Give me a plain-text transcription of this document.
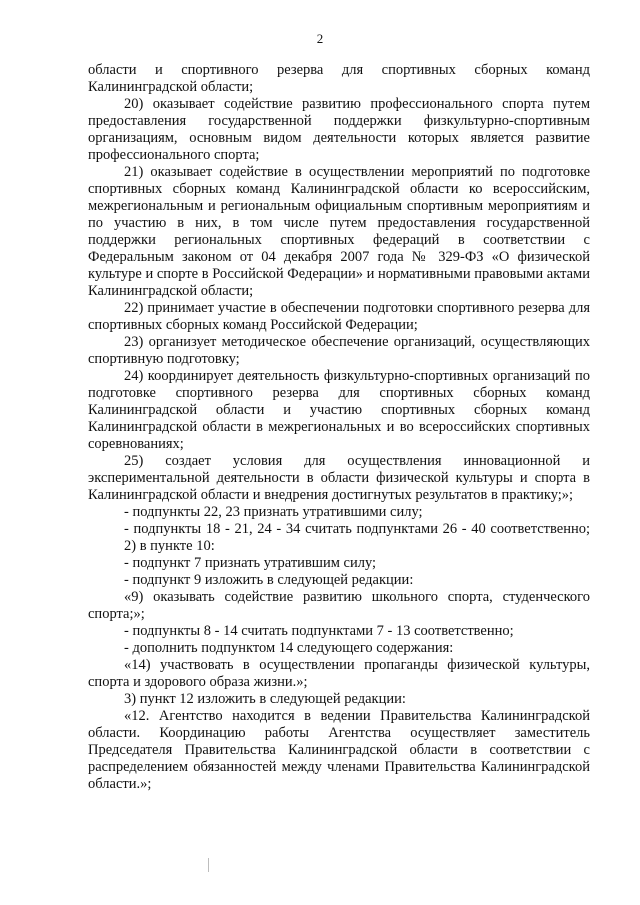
2

области и спортивного резерва для спортивных сборных команд Калининградской области;

20) оказывает содействие развитию профессионального спорта путем предоставления государственной поддержки физкультурно-спортивным организациям, основным видом деятельности которых является развитие профессионального спорта;

21) оказывает содействие в осуществлении мероприятий по подготовке спортивных сборных команд Калининградской области ко всероссийским, межрегиональным и региональным официальным спортивным мероприятиям и по участию в них, в том числе путем предоставления государственной поддержки региональных спортивных федераций в соответствии с Федеральным законом от 04 декабря 2007 года № 329-ФЗ «О физической культуре и спорте в Российской Федерации» и нормативными правовыми актами Калининградской области;

22) принимает участие в обеспечении подготовки спортивного резерва для спортивных сборных команд Российской Федерации;

23) организует методическое обеспечение организаций, осуществляющих спортивную подготовку;

24) координирует деятельность физкультурно-спортивных организаций по подготовке спортивного резерва для спортивных сборных команд Калининградской области и участию спортивных сборных команд Калининградской области в межрегиональных и во всероссийских спортивных соревнованиях;

25) создает условия для осуществления инновационной и экспериментальной деятельности в области физической культуры и спорта в Калининградской области и внедрения достигнутых результатов в практику;»;

- подпункты 22, 23 признать утратившими силу;

- подпункты 18 - 21, 24 - 34 считать подпунктами 26 - 40 соответственно;

2) в пункте 10:

- подпункт 7 признать утратившим силу;

- подпункт 9 изложить в следующей редакции:

«9) оказывать содействие развитию школьного спорта, студенческого спорта;»;

- подпункты 8 - 14 считать подпунктами 7 - 13 соответственно;

- дополнить подпунктом 14 следующего содержания:

«14) участвовать в осуществлении пропаганды физической культуры, спорта и здорового образа жизни.»;

3) пункт 12 изложить в следующей редакции:

«12. Агентство находится в ведении Правительства Калининградской области. Координацию работы Агентства осуществляет заместитель Председателя Правительства Калининградской области в соответствии с распределением обязанностей между членами Правительства Калининградской области.»;
